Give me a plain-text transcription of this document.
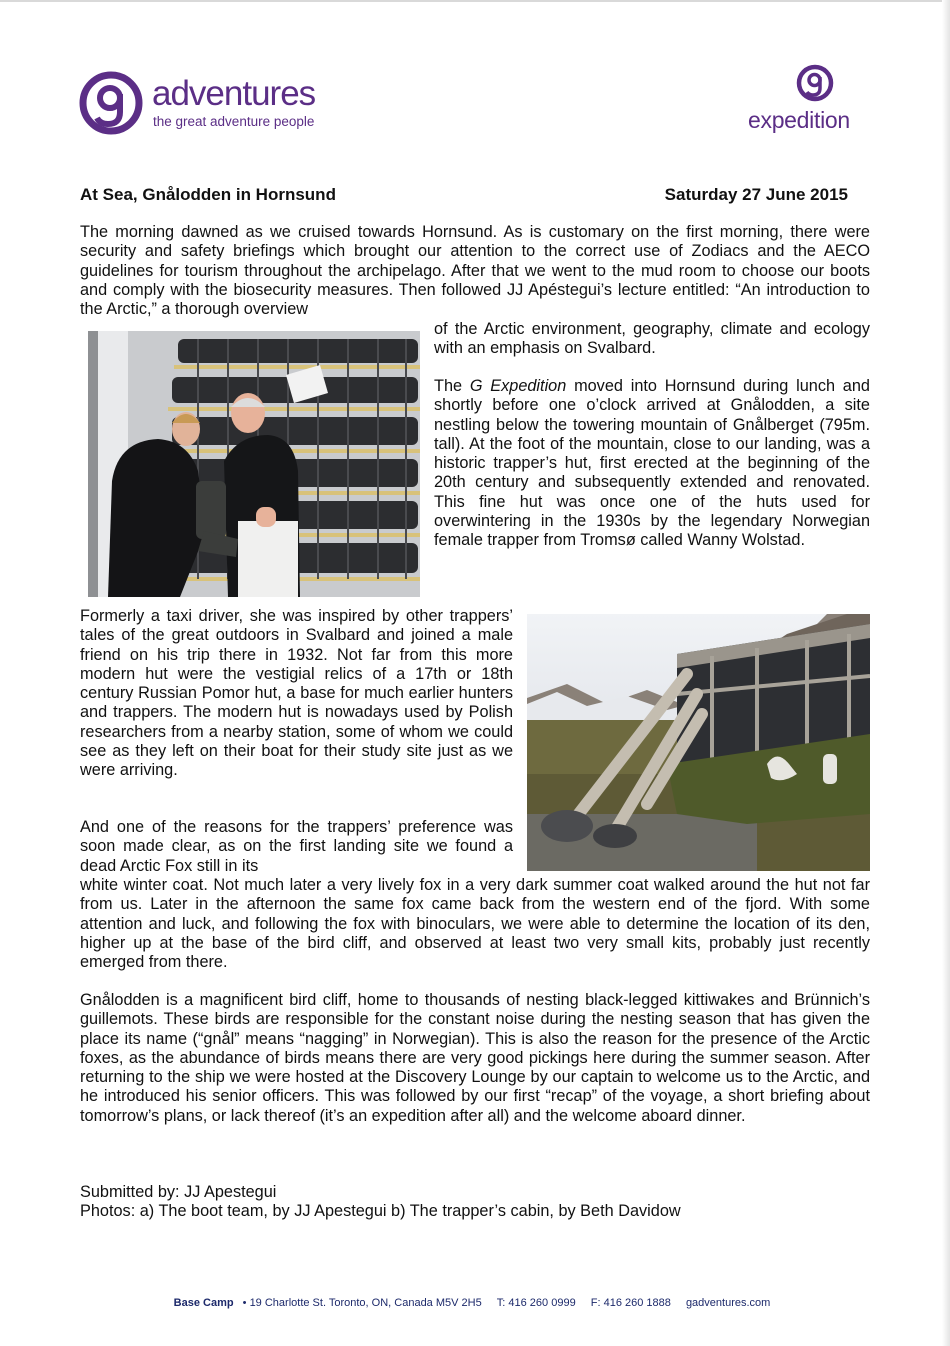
adventures
the great adventure people	expedition
At Sea, Gnålodden in Hornsund	Saturday 27 June 2015

The morning dawned as we cruised towards Hornsund. As is customary on the first morning, there were security and safety briefings which brought our attention to the correct use of Zodiacs and the AECO guidelines for tourism throughout the archipelago. After that we went to the mud room to choose our boots and comply with the biosecurity measures. Then followed JJ Apéstegui’s lecture entitled: “An introduction to the Arctic,” a thorough overview

of the Arctic environment, geography, climate and ecology with an emphasis on Svalbard.

The G Expedition moved into Hornsund during lunch and shortly before one o’clock arrived at Gnålodden, a site nestling below the towering mountain of Gnålberget (795m. tall). At the foot of the mountain, close to our landing, was a historic trapper’s hut, first erected at the beginning of the 20th century and subsequently extended and renovated. This fine hut was once one of the huts used for overwintering in the 1930s by the legendary Norwegian female trapper from Tromsø called Wanny Wolstad.

Formerly a taxi driver, she was inspired by other trappers’ tales of the great outdoors in Svalbard and joined a male friend on his trip there in 1932. Not far from this more modern hut were the vestigial relics of a 17th or 18th century Russian Pomor hut, a base for much earlier hunters and trappers. The modern hut is nowadays used by Polish researchers from a nearby station, some of whom we could see as they left on their boat for their study site just as we were arriving.

And one of the reasons for the trappers’ preference was soon made clear, as on the first landing site we found a dead Arctic Fox still in its

white winter coat. Not much later a very lively fox in a very dark summer coat walked around the hut not far from us. Later in the afternoon the same fox came back from the western end of the fjord. With some attention and luck, and following the fox with binoculars, we were able to determine the location of its den, higher up at the base of the bird cliff, and observed at least two very small kits, probably just recently emerged from there.

Gnålodden is a magnificent bird cliff, home to thousands of nesting black-legged kittiwakes and Brünnich’s guillemots. These birds are responsible for the constant noise during the nesting season that has given the place its name (“gnål” means “nagging” in Norwegian). This is also the reason for the presence of the Arctic foxes, as the abundance of birds means there are very good pickings here during the summer season. After returning to the ship we were hosted at the Discovery Lounge by our captain to welcome us to the Arctic, and he introduced his senior officers. This was followed by our first “recap” of the voyage, a short briefing about tomorrow’s plans, or lack thereof (it’s an expedition after all) and the welcome aboard dinner.

Submitted by: JJ Apestegui
Photos: a) The boot team, by JJ Apestegui b) The trapper’s cabin, by Beth Davidow
Base Camp • 19 Charlotte St. Toronto, ON, Canada M5V 2H5 T: 416 260 0999 F: 416 260 1888 gadventures.com
